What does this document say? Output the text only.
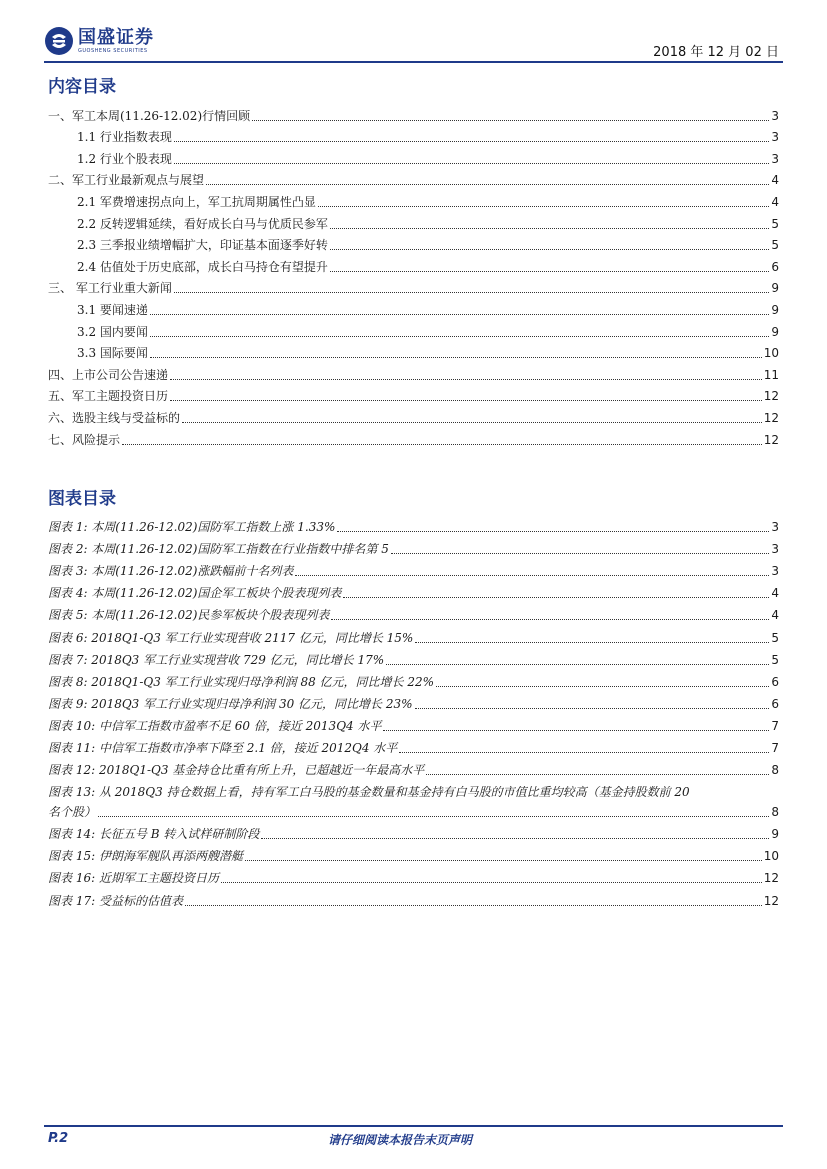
国盛证券
GUOSHENG SECURITIES	2018 年 12 月 02 日
内容目录
一、军工本周(11.26-12.02)行情回顾	3
1.1 行业指数表现	3
1.2 行业个股表现	3
二、军工行业最新观点与展望	4
2.1 军费增速拐点向上，军工抗周期属性凸显	4
2.2 反转逻辑延续，看好成长白马与优质民参军	5
2.3 三季报业绩增幅扩大，印证基本面逐季好转	5
2.4 估值处于历史底部，成长白马持仓有望提升	6
三、 军工行业重大新闻	9
3.1 要闻速递	9
3.2 国内要闻	9
3.3 国际要闻	10
四、上市公司公告速递	11
五、军工主题投资日历	12
六、选股主线与受益标的	12
七、风险提示	12
图表目录
图表 1: 本周(11.26-12.02)国防军工指数上涨 1.33%	3
图表 2: 本周(11.26-12.02)国防军工指数在行业指数中排名第 5	3
图表 3: 本周(11.26-12.02)涨跌幅前十名列表	3
图表 4: 本周(11.26-12.02)国企军工板块个股表现列表	4
图表 5: 本周(11.26-12.02)民参军板块个股表现列表	4
图表 6: 2018Q1-Q3 军工行业实现营收 2117 亿元，同比增长 15%	5
图表 7: 2018Q3 军工行业实现营收 729 亿元，同比增长 17%	5
图表 8: 2018Q1-Q3 军工行业实现归母净利润 88 亿元，同比增长 22%	6
图表 9: 2018Q3 军工行业实现归母净利润 30 亿元，同比增长 23%	6
图表 10: 中信军工指数市盈率不足 60 倍，接近 2013Q4 水平	7
图表 11: 中信军工指数市净率下降至 2.1 倍，接近 2012Q4 水平	7
图表 12: 2018Q1-Q3 基金持仓比重有所上升，已超越近一年最高水平	8
图表 13: 从 2018Q3 持仓数据上看，持有军工白马股的基金数量和基金持有白马股的市值比重均较高（基金持股数前 20
名个股）	8
图表 14: 长征五号 B 转入试样研制阶段	9
图表 15: 伊朗海军舰队再添两艘潜艇	10
图表 16: 近期军工主题投资日历	12
图表 17: 受益标的估值表	12
P.2	请仔细阅读本报告末页声明
